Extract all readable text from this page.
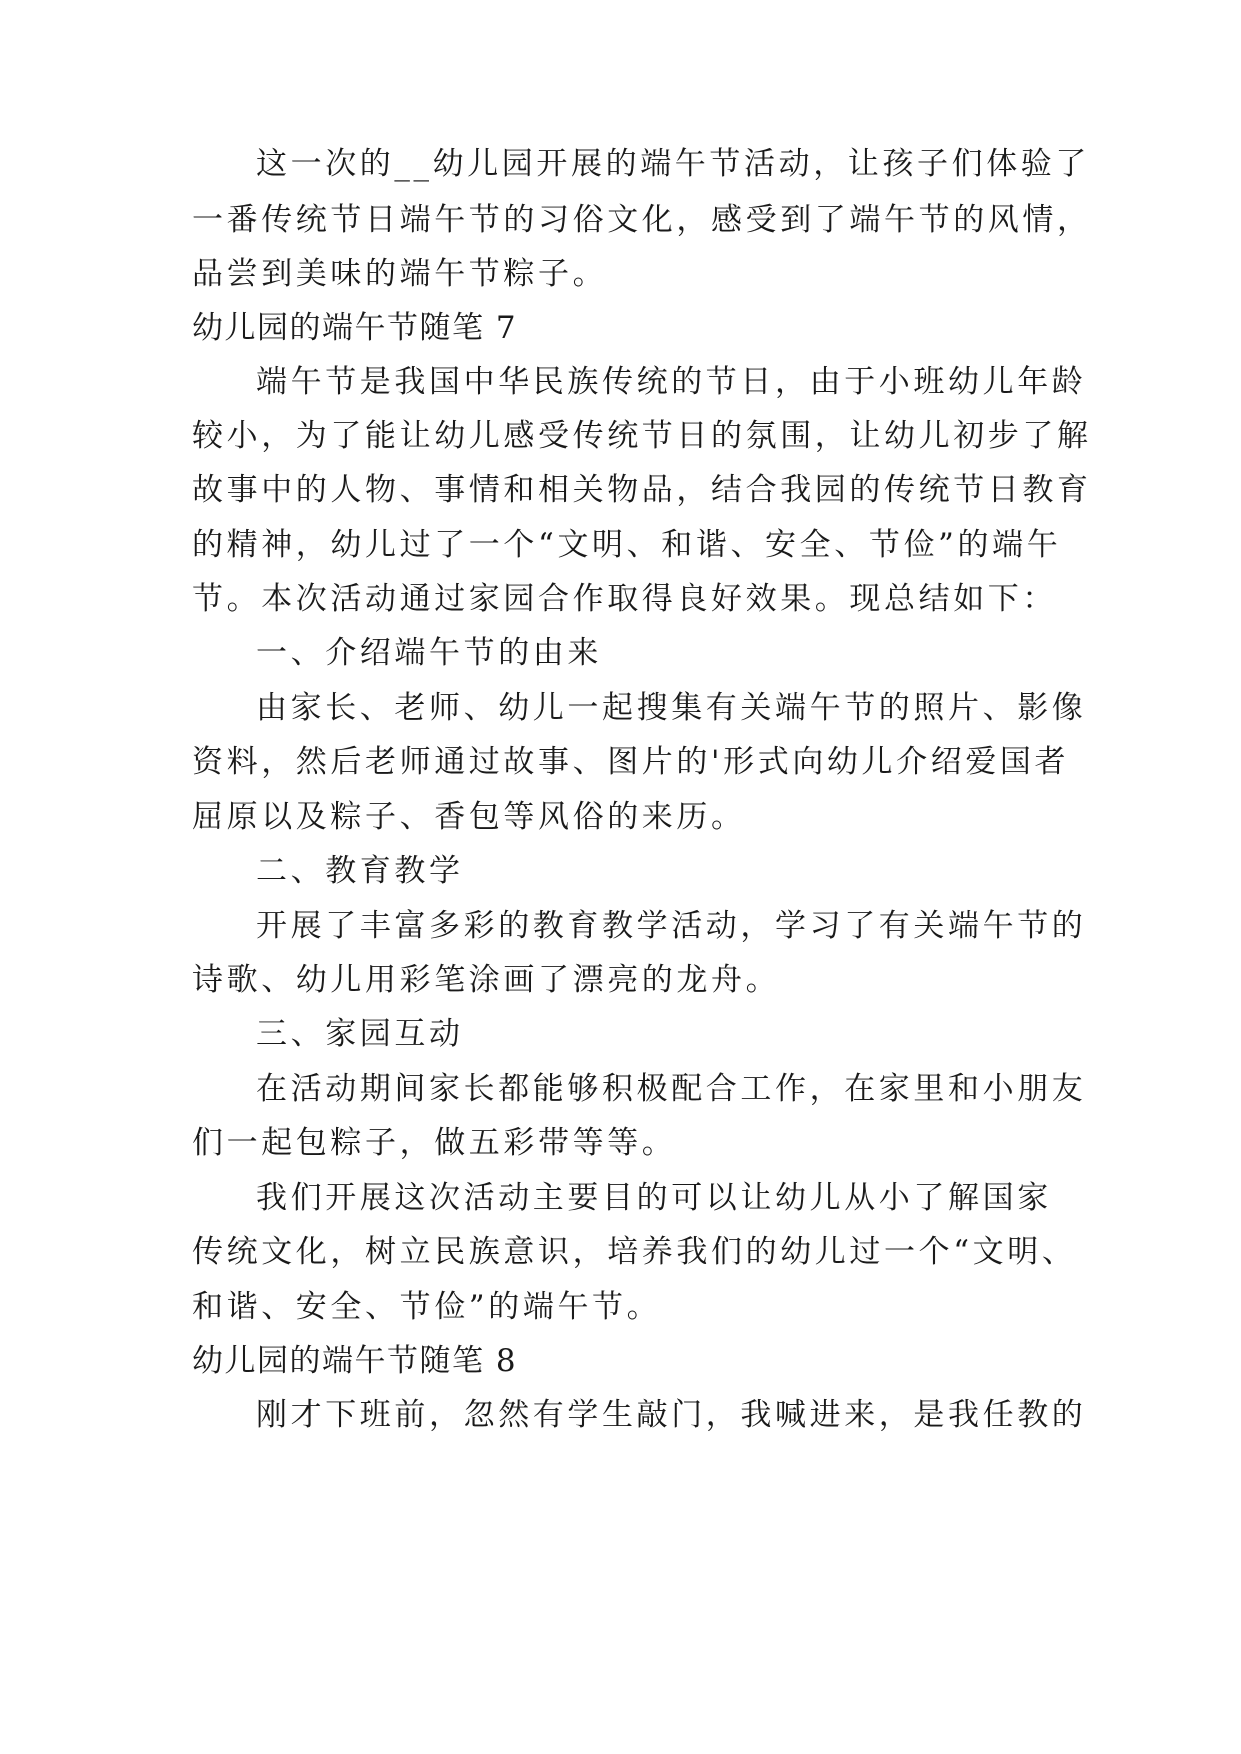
这一次的__幼儿园开展的端午节活动，让孩子们体验了
一番传统节日端午节的习俗文化，感受到了端午节的风情，
品尝到美味的端午节粽子。
幼儿园的端午节随笔 7
端午节是我国中华民族传统的节日，由于小班幼儿年龄
较小，为了能让幼儿感受传统节日的氛围，让幼儿初步了解
故事中的人物、事情和相关物品，结合我园的传统节日教育
的精神，幼儿过了一个“文明、和谐、安全、节俭”的端午
节。本次活动通过家园合作取得良好效果。现总结如下：
一、介绍端午节的由来
由家长、老师、幼儿一起搜集有关端午节的照片、影像
资料，然后老师通过故事、图片的'形式向幼儿介绍爱国者
屈原以及粽子、香包等风俗的来历。
二、教育教学
开展了丰富多彩的教育教学活动，学习了有关端午节的
诗歌、幼儿用彩笔涂画了漂亮的龙舟。
三、家园互动
在活动期间家长都能够积极配合工作，在家里和小朋友
们一起包粽子，做五彩带等等。
我们开展这次活动主要目的可以让幼儿从小了解国家
传统文化，树立民族意识，培养我们的幼儿过一个“文明、
和谐、安全、节俭”的端午节。
幼儿园的端午节随笔 8
刚才下班前，忽然有学生敲门，我喊进来，是我任教的
